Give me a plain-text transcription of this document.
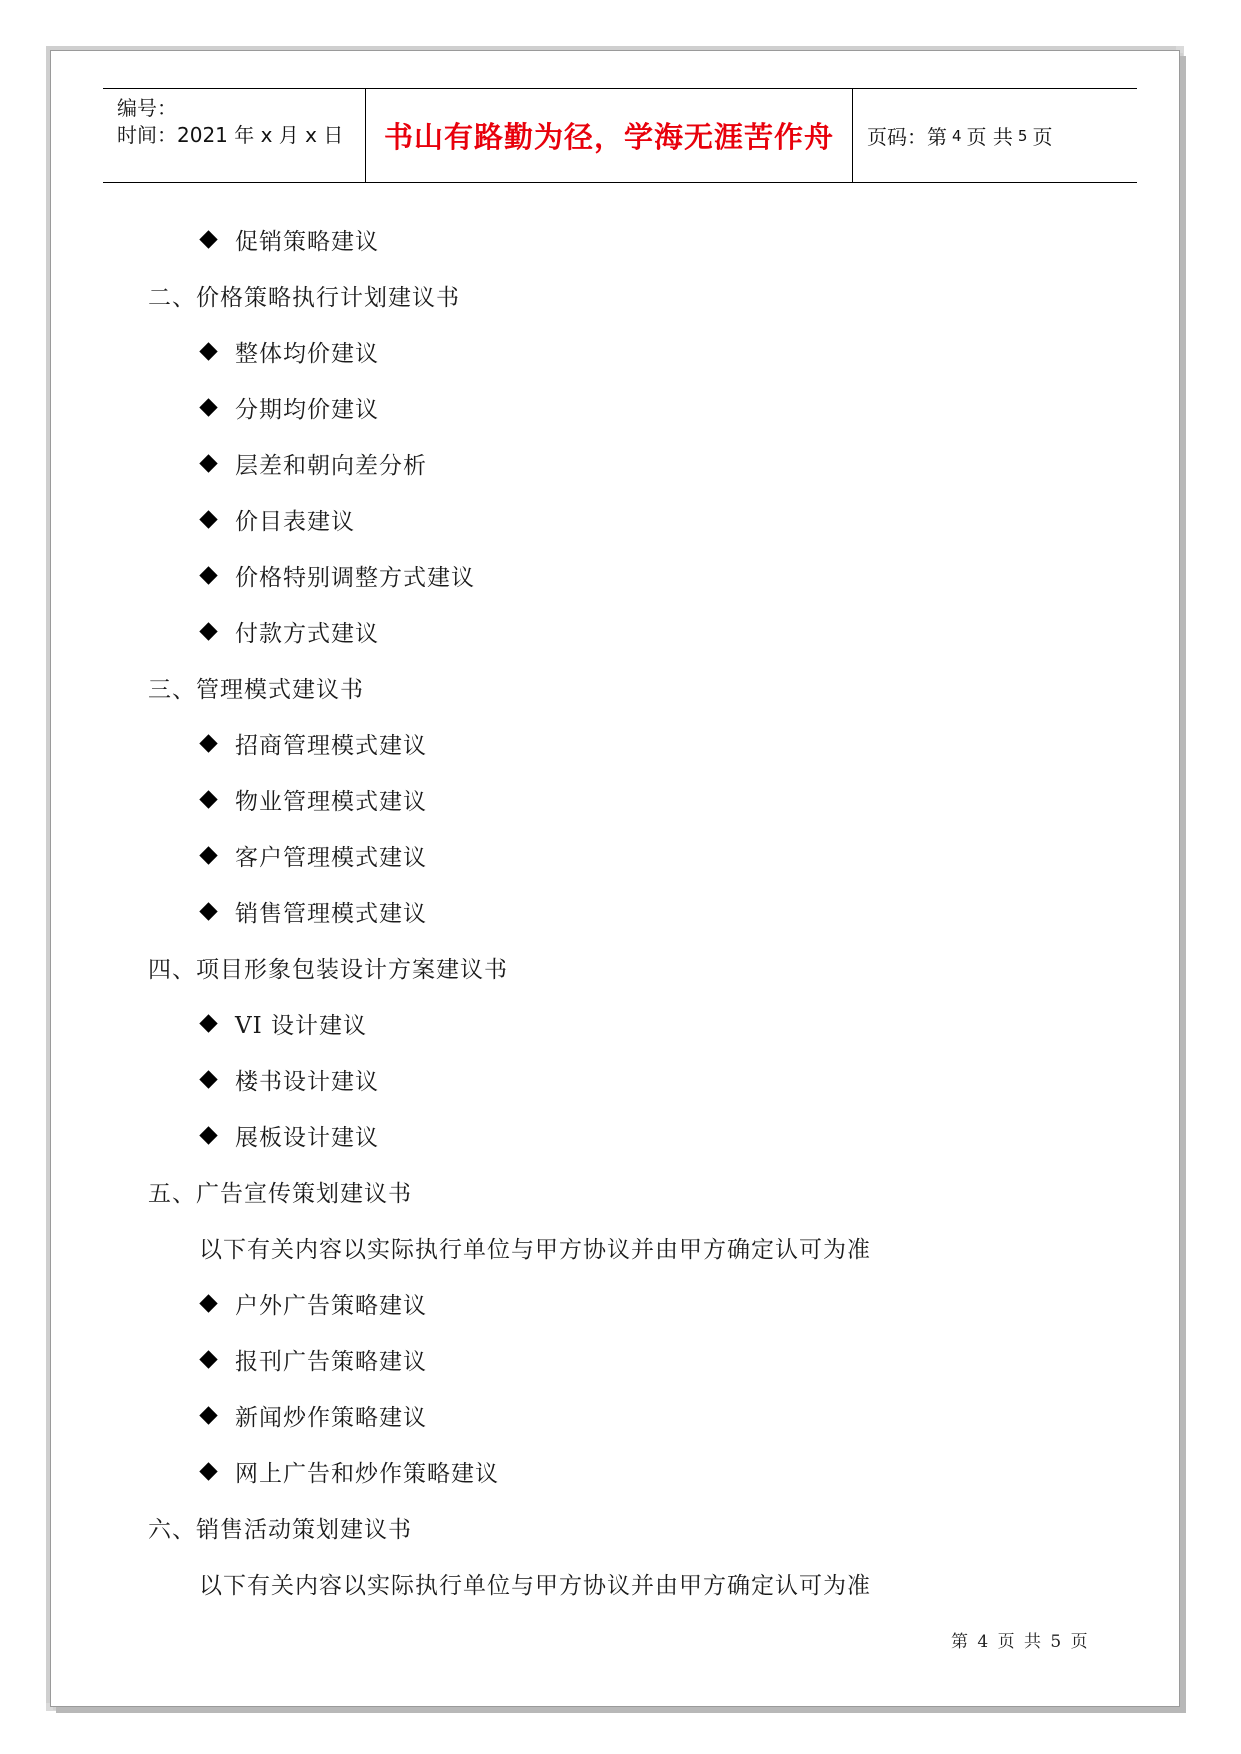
编号：
时间：2021 年 x 月 x 日	书山有路勤为径，学海无涯苦作舟 页码：第 4 页 共 5 页
促销策略建议
二、价格策略执行计划建议书
整体均价建议
分期均价建议
层差和朝向差分析
价目表建议
价格特别调整方式建议
付款方式建议
三、管理模式建议书
招商管理模式建议
物业管理模式建议
客户管理模式建议
销售管理模式建议
四、项目形象包装设计方案建议书
VI 设计建议
楼书设计建议
展板设计建议
五、广告宣传策划建议书
以下有关内容以实际执行单位与甲方协议并由甲方确定认可为准
户外广告策略建议
报刊广告策略建议
新闻炒作策略建议
网上广告和炒作策略建议
六、销售活动策划建议书
以下有关内容以实际执行单位与甲方协议并由甲方确定认可为准
第 4 页 共 5 页
